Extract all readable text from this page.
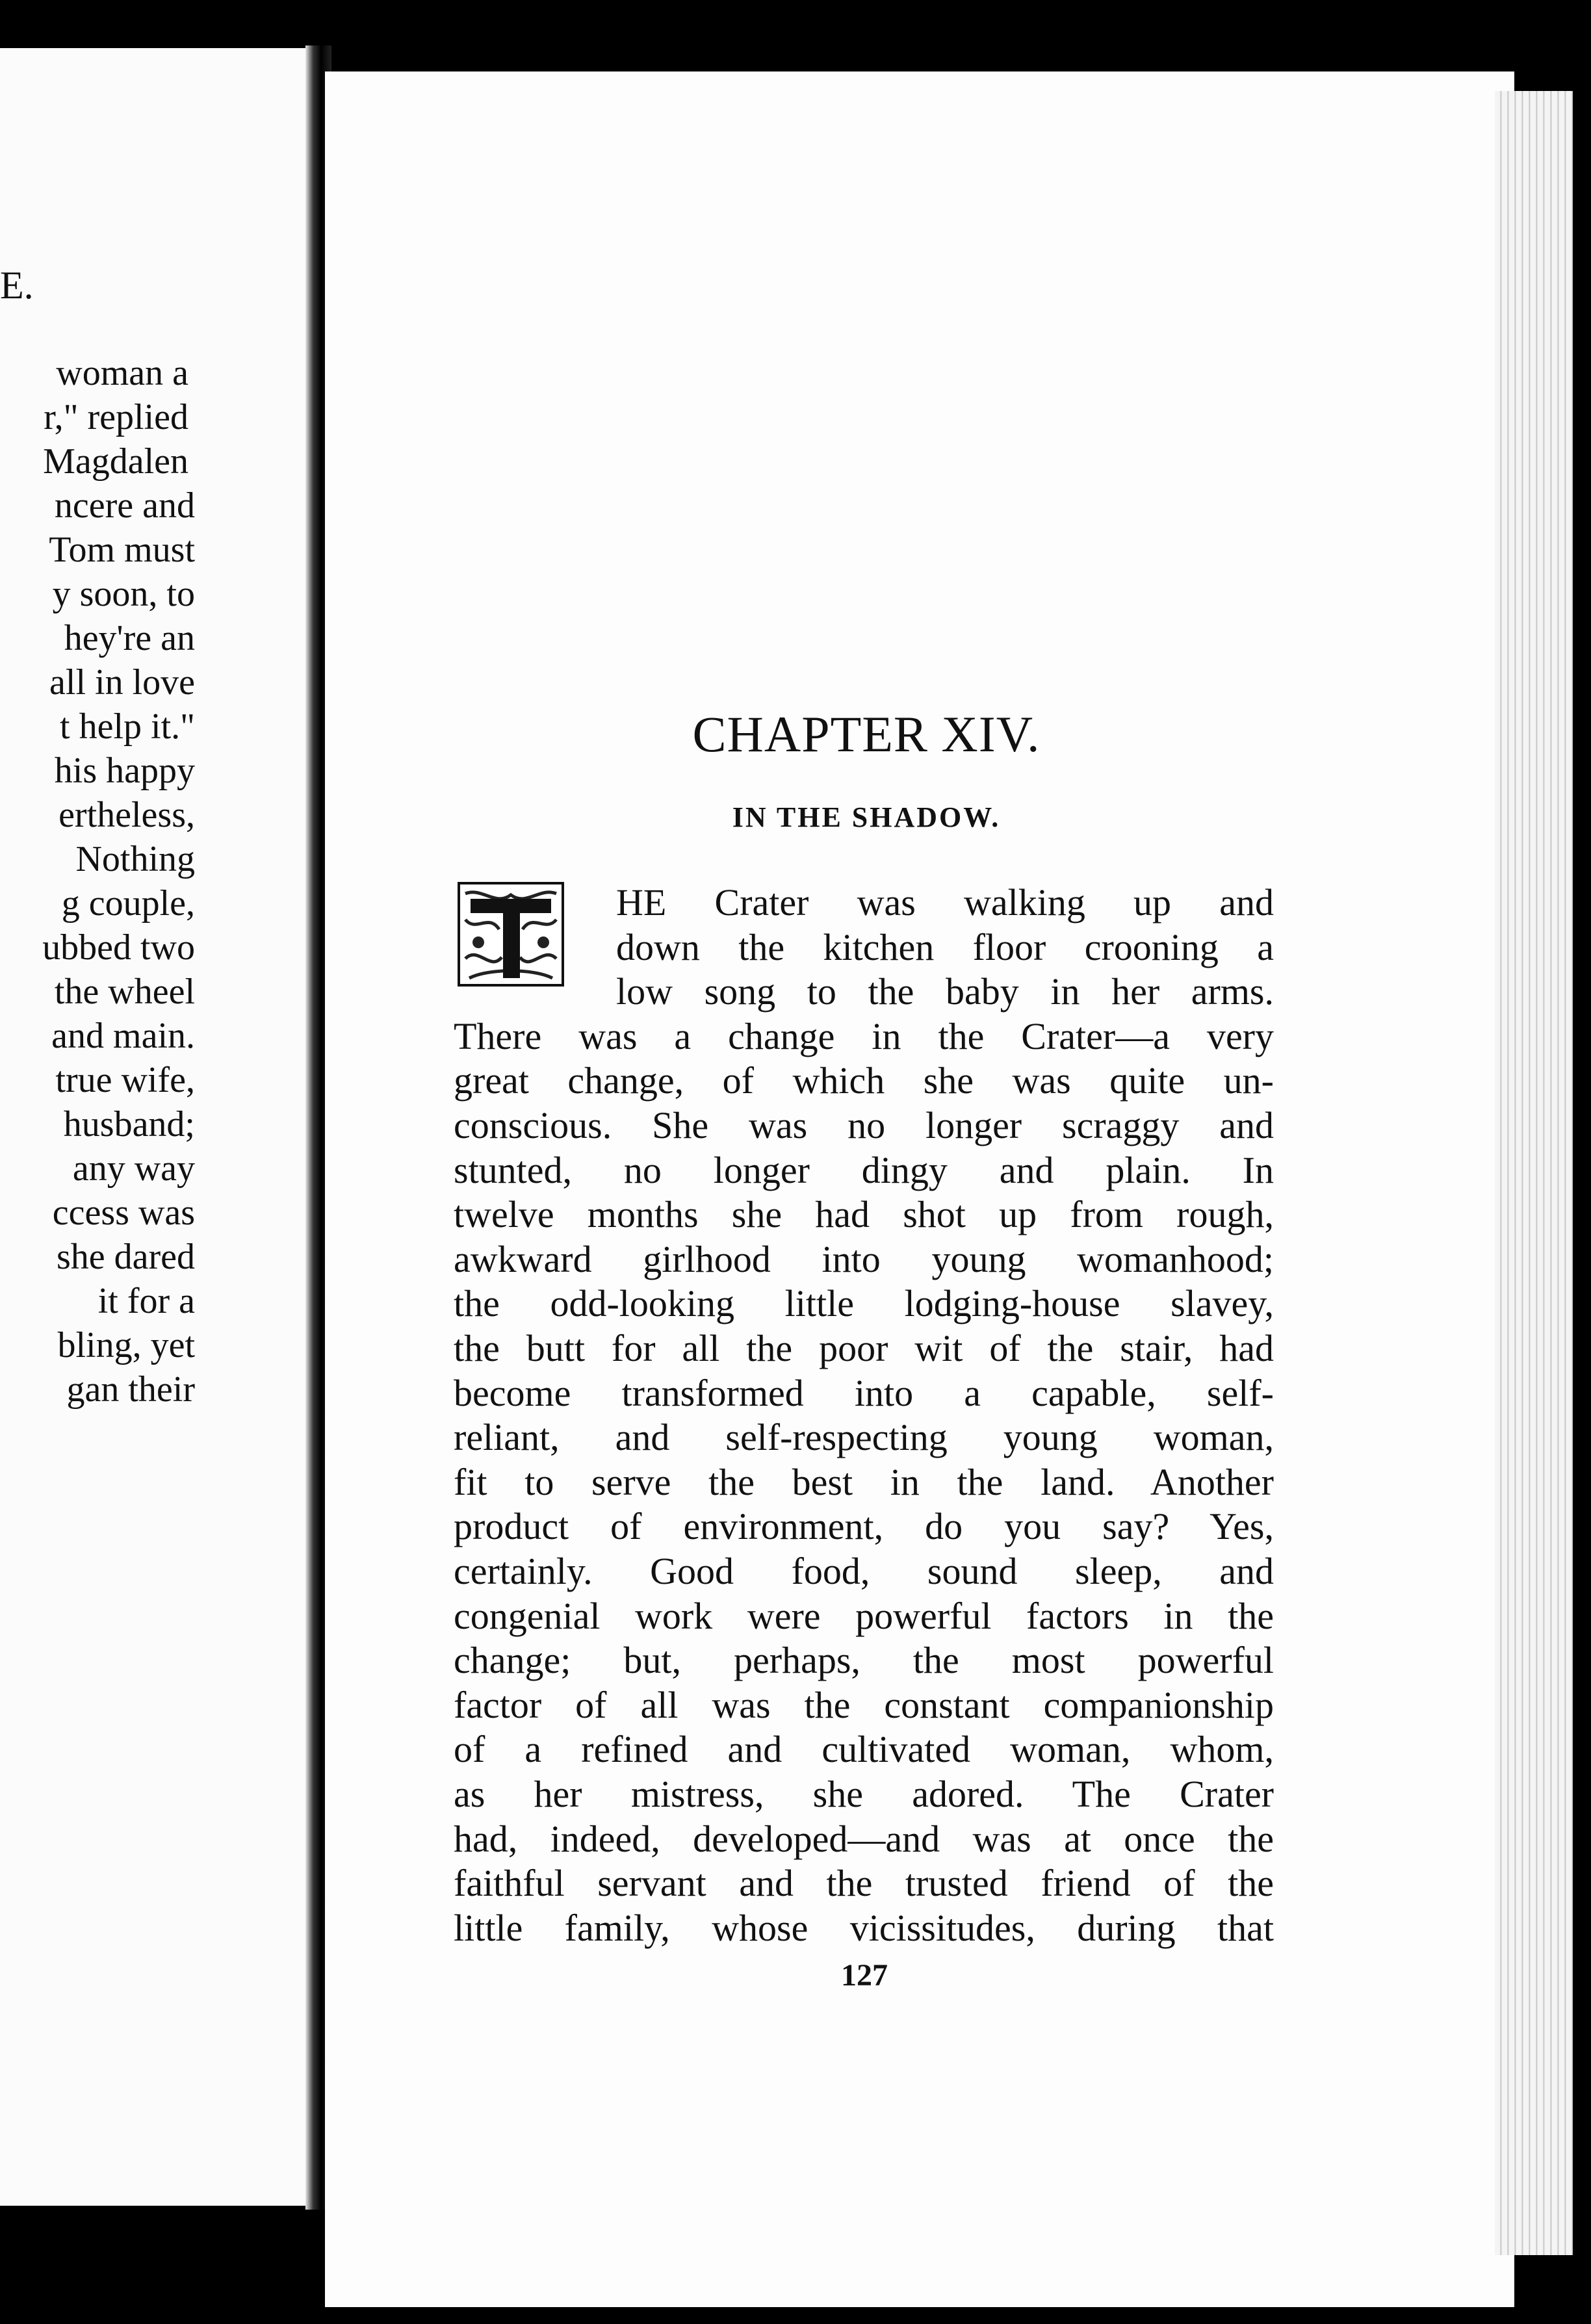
E.
woman a
r," replied
Magdalen
ncere and
Tom must
y soon, to
hey're an
all in love
t help it."
his happy
ertheless,
Nothing
g couple,
ubbed two
the wheel
and main.
true wife,
husband;
any way
ccess was
she dared
it for a
bling, yet
gan their
CHAPTER XIV.
IN THE SHADOW.
HE Crater was walking up and
down the kitchen floor crooning a
low song to the baby in her arms.
There was a change in the Crater—a very
great change, of which she was quite un-
conscious. She was no longer scraggy and
stunted, no longer dingy and plain. In
twelve months she had shot up from rough,
awkward girlhood into young womanhood;
the odd-looking little lodging-house slavey,
the butt for all the poor wit of the stair, had
become transformed into a capable, self-
reliant, and self-respecting young woman,
fit to serve the best in the land. Another
product of environment, do you say? Yes,
certainly. Good food, sound sleep, and
congenial work were powerful factors in the
change; but, perhaps, the most powerful
factor of all was the constant companionship
of a refined and cultivated woman, whom,
as her mistress, she adored. The Crater
had, indeed, developed—and was at once the
faithful servant and the trusted friend of the
little family, whose vicissitudes, during that
127
